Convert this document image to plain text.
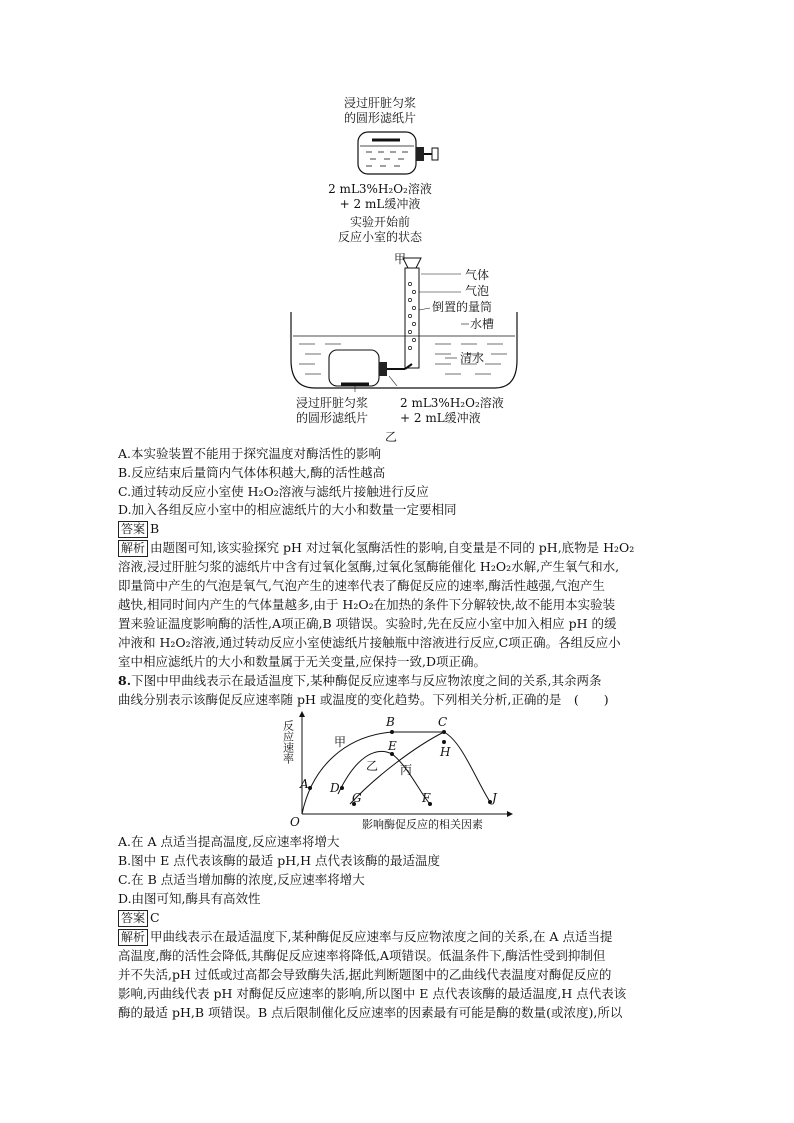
浸过肝脏匀浆
的圆形滤纸片
2 mL3%H₂O₂溶液
+ 2 mL缓冲液
实验开始前
反应小室的状态
甲
气体
气泡
倒置的量筒
水槽
清水
浸过肝脏匀浆
的圆形滤纸片
2 mL3%H₂O₂溶液
+ 2 mL缓冲液
乙
A.本实验装置不能用于探究温度对酶活性的影响
B.反应结束后量筒内气体体积越大,酶的活性越高
C.通过转动反应小室使 H₂O₂溶液与滤纸片接触进行反应
D.加入各组反应小室中的相应滤纸片的大小和数量一定要相同
答案 B
解析 由题图可知,该实验探究 pH 对过氧化氢酶活性的影响,自变量是不同的 pH,底物是 H₂O₂
溶液,浸过肝脏匀浆的滤纸片中含有过氧化氢酶,过氧化氢酶能催化 H₂O₂水解,产生氧气和水,
即量筒中产生的气泡是氧气,气泡产生的速率代表了酶促反应的速率,酶活性越强,气泡产生
越快,相同时间内产生的气体量越多,由于 H₂O₂在加热的条件下分解较快,故不能用本实验装
置来验证温度影响酶的活性,A项正确,B 项错误。实验时,先在反应小室中加入相应 pH 的缓
冲液和 H₂O₂溶液,通过转动反应小室使滤纸片接触瓶中溶液进行反应,C项正确。各组反应小
室中相应滤纸片的大小和数量属于无关变量,应保持一致,D项正确。
8.下图中甲曲线表示在最适温度下,某种酶促反应速率与反应物浓度之间的关系,其余两条
曲线分别表示该酶促反应速率随 pH 或温度的变化趋势。下列相关分析,正确的是　(　　)
A
B	C
D
E
F
G
H
J
O
甲
乙 丙
反应速率
影响酶促反应的相关因素
A.在 A 点适当提高温度,反应速率将增大
B.图中 E 点代表该酶的最适 pH,H 点代表该酶的最适温度
C.在 B 点适当增加酶的浓度,反应速率将增大
D.由图可知,酶具有高效性
答案 C
解析 甲曲线表示在最适温度下,某种酶促反应速率与反应物浓度之间的关系,在 A 点适当提
高温度,酶的活性会降低,其酶促反应速率将降低,A项错误。低温条件下,酶活性受到抑制但
并不失活,pH 过低或过高都会导致酶失活,据此判断题图中的乙曲线代表温度对酶促反应的
影响,丙曲线代表 pH 对酶促反应速率的影响,所以图中 E 点代表该酶的最适温度,H 点代表该
酶的最适 pH,B 项错误。B 点后限制催化反应速率的因素最有可能是酶的数量(或浓度),所以
